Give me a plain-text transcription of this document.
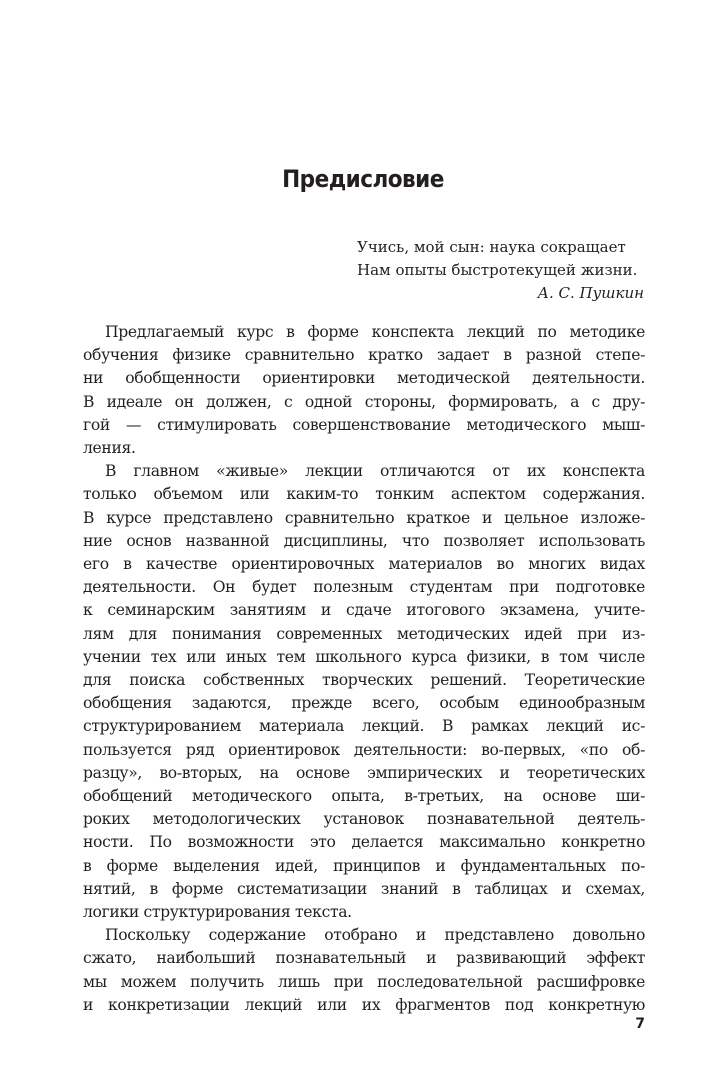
Предисловие
Учись, мой сын: наука сокращает
Нам опыты быстротекущей жизни.
А. С. Пушкин
Предлагаемый курс в форме конспекта лекций по методике
обучения физике сравнительно кратко задает в разной степе-
ни обобщенности ориентировки методической деятельности.
В идеале он должен, с одной стороны, формировать, а с дру-
гой — стимулировать совершенствование методического мыш-
ления.
В главном «живые» лекции отличаются от их конспекта
только объемом или каким-то тонким аспектом содержания.
В курсе представлено сравнительно краткое и цельное изложе-
ние основ названной дисциплины, что позволяет использовать
его в качестве ориентировочных материалов во многих видах
деятельности. Он будет полезным студентам при подготовке
к семинарским занятиям и сдаче итогового экзамена, учите-
лям для понимания современных методических идей при из-
учении тех или иных тем школьного курса физики, в том числе
для поиска собственных творческих решений. Теоретические
обобщения задаются, прежде всего, особым единообразным
структурированием материала лекций. В рамках лекций ис-
пользуется ряд ориентировок деятельности: во-первых, «по об-
разцу», во-вторых, на основе эмпирических и теоретических
обобщений методического опыта, в-третьих, на основе ши-
роких методологических установок познавательной деятель-
ности. По возможности это делается максимально конкретно
в форме выделения идей, принципов и фундаментальных по-
нятий, в форме систематизации знаний в таблицах и схемах,
логики структурирования текста.
Поскольку содержание отобрано и представлено довольно
сжато, наибольший познавательный и развивающий эффект
мы можем получить лишь при последовательной расшифровке
и конкретизации лекций или их фрагментов под конкретную
7
